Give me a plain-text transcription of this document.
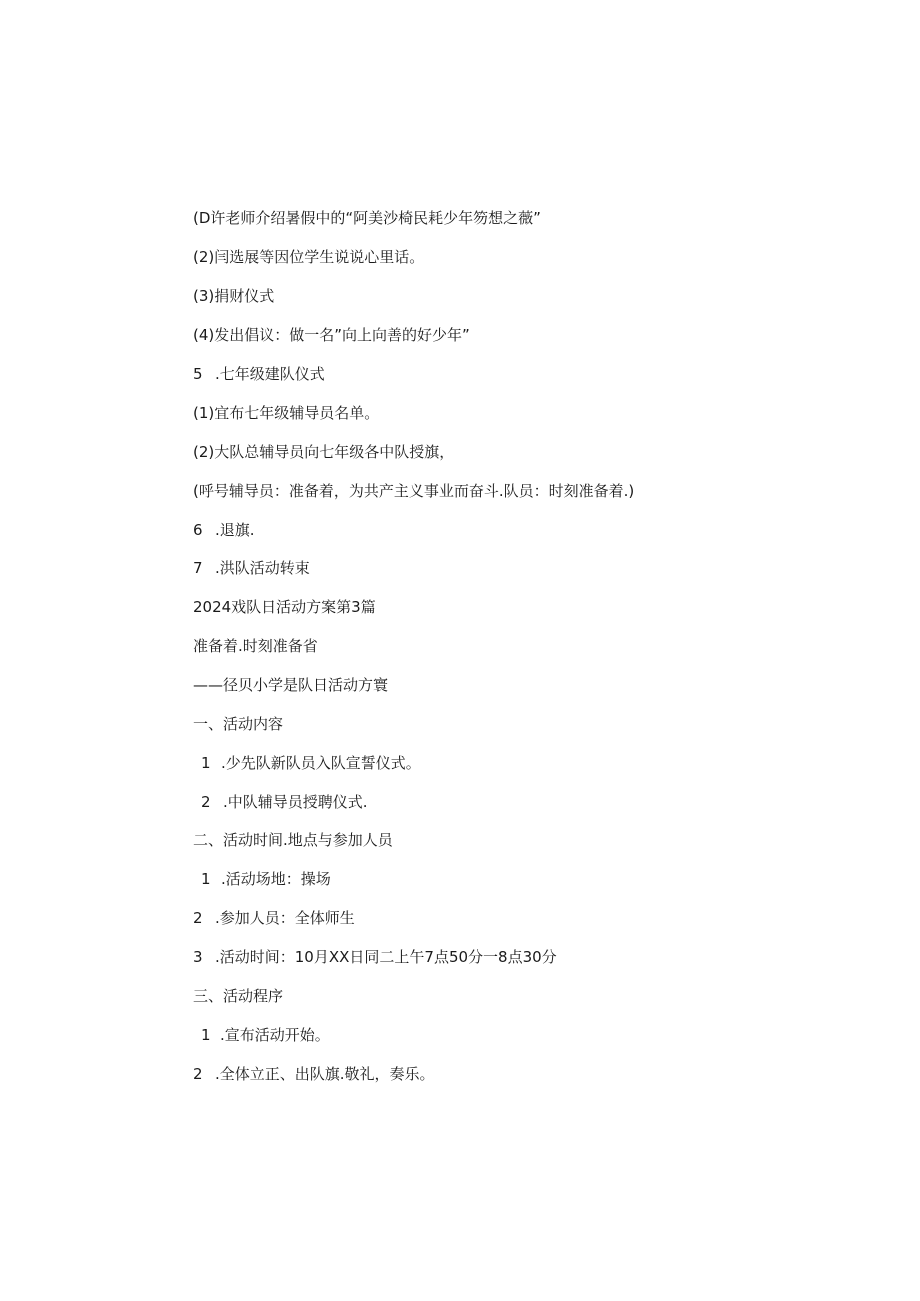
(D许老师介绍暑假中的“阿美沙椅民耗少年笏想之薇”
(2)闫选展等因位学生说说心里话。
(3)捐财仪式
(4)发出倡议：做一名”向上向善的好少年”
5 .七年级建队仪式
(1)宜布七年级辅导员名单。
(2)大队总辅导员向七年级各中队授旗，
(呼号辅导员：准备着，为共产主义事业而奋斗.队员：时刻准备着.)
6 .退旗.
7 .洪队活动转束
2024戏队日活动方案第3篇
准备着.时刻准备省
——径贝小学是队日活动方寰
一、活动内容
1 .少先队新队员入队宣誓仪式。
2 .中队辅导员授聘仪式.
二、活动时间.地点与参加人员
1 .活动场地：操场
2 .参加人员：全体师生
3 .活动时间：10月XX日同二上午7点50分一8点30分
三、活动程序
1 .宣布活动开始。
2 .全体立正、出队旗.敬礼，奏乐。
